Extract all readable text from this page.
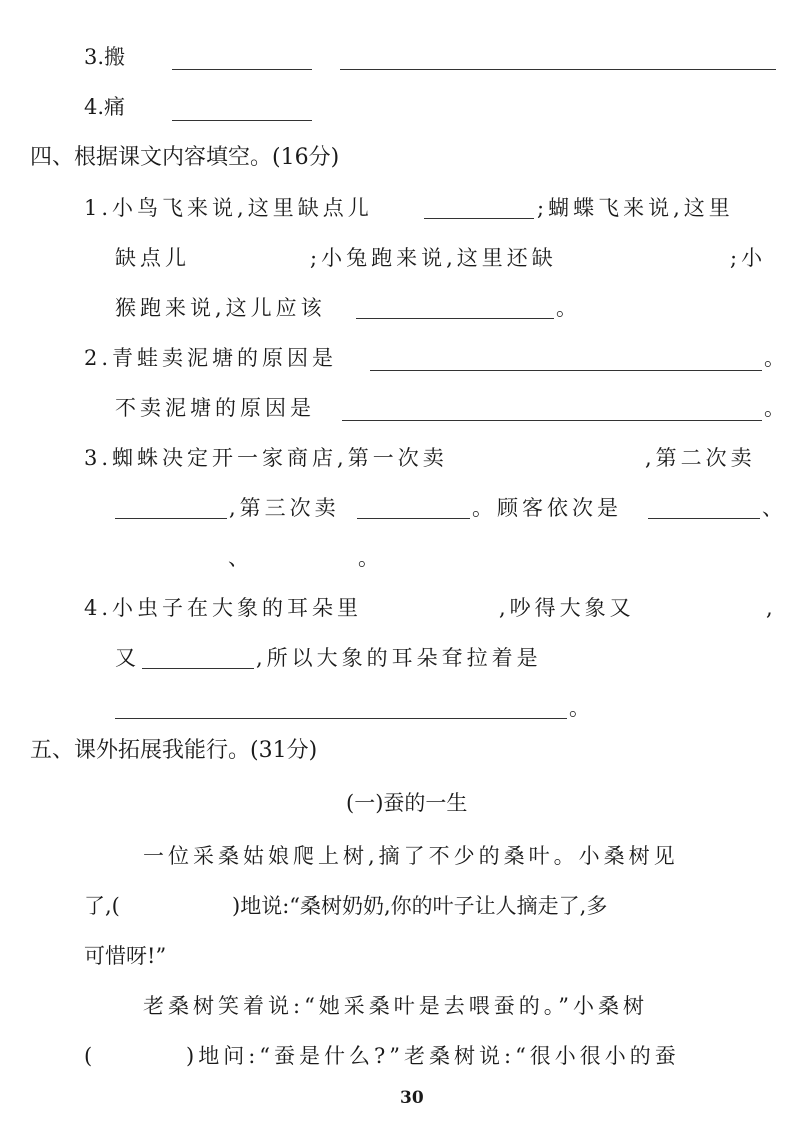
3.搬
4.痛
四、根据课文内容填空。(16分)
1.小鸟飞来说,这里缺点儿	;蝴蝶飞来说,这里
缺点儿	;小兔跑来说,这里还缺	;小
猴跑来说,这儿应该	。
2.青蛙卖泥塘的原因是	。
不卖泥塘的原因是	。
3.蜘蛛决定开一家商店,第一次卖	,第二次卖
,第三次卖	。顾客依次是	、
、	。
4.小虫子在大象的耳朵里	,吵得大象又	,
又	,所以大象的耳朵耷拉着是
。
五、课外拓展我能行。(31分)
(一)蚕的一生
一位采桑姑娘爬上树,摘了不少的桑叶。小桑树见
了,(	)地说:“桑树奶奶,你的叶子让人摘走了,多
可惜呀!”
老桑树笑着说:“她采桑叶是去喂蚕的。”小桑树
(	)地问:“蚕是什么?”老桑树说:“很小很小的蚕
30
